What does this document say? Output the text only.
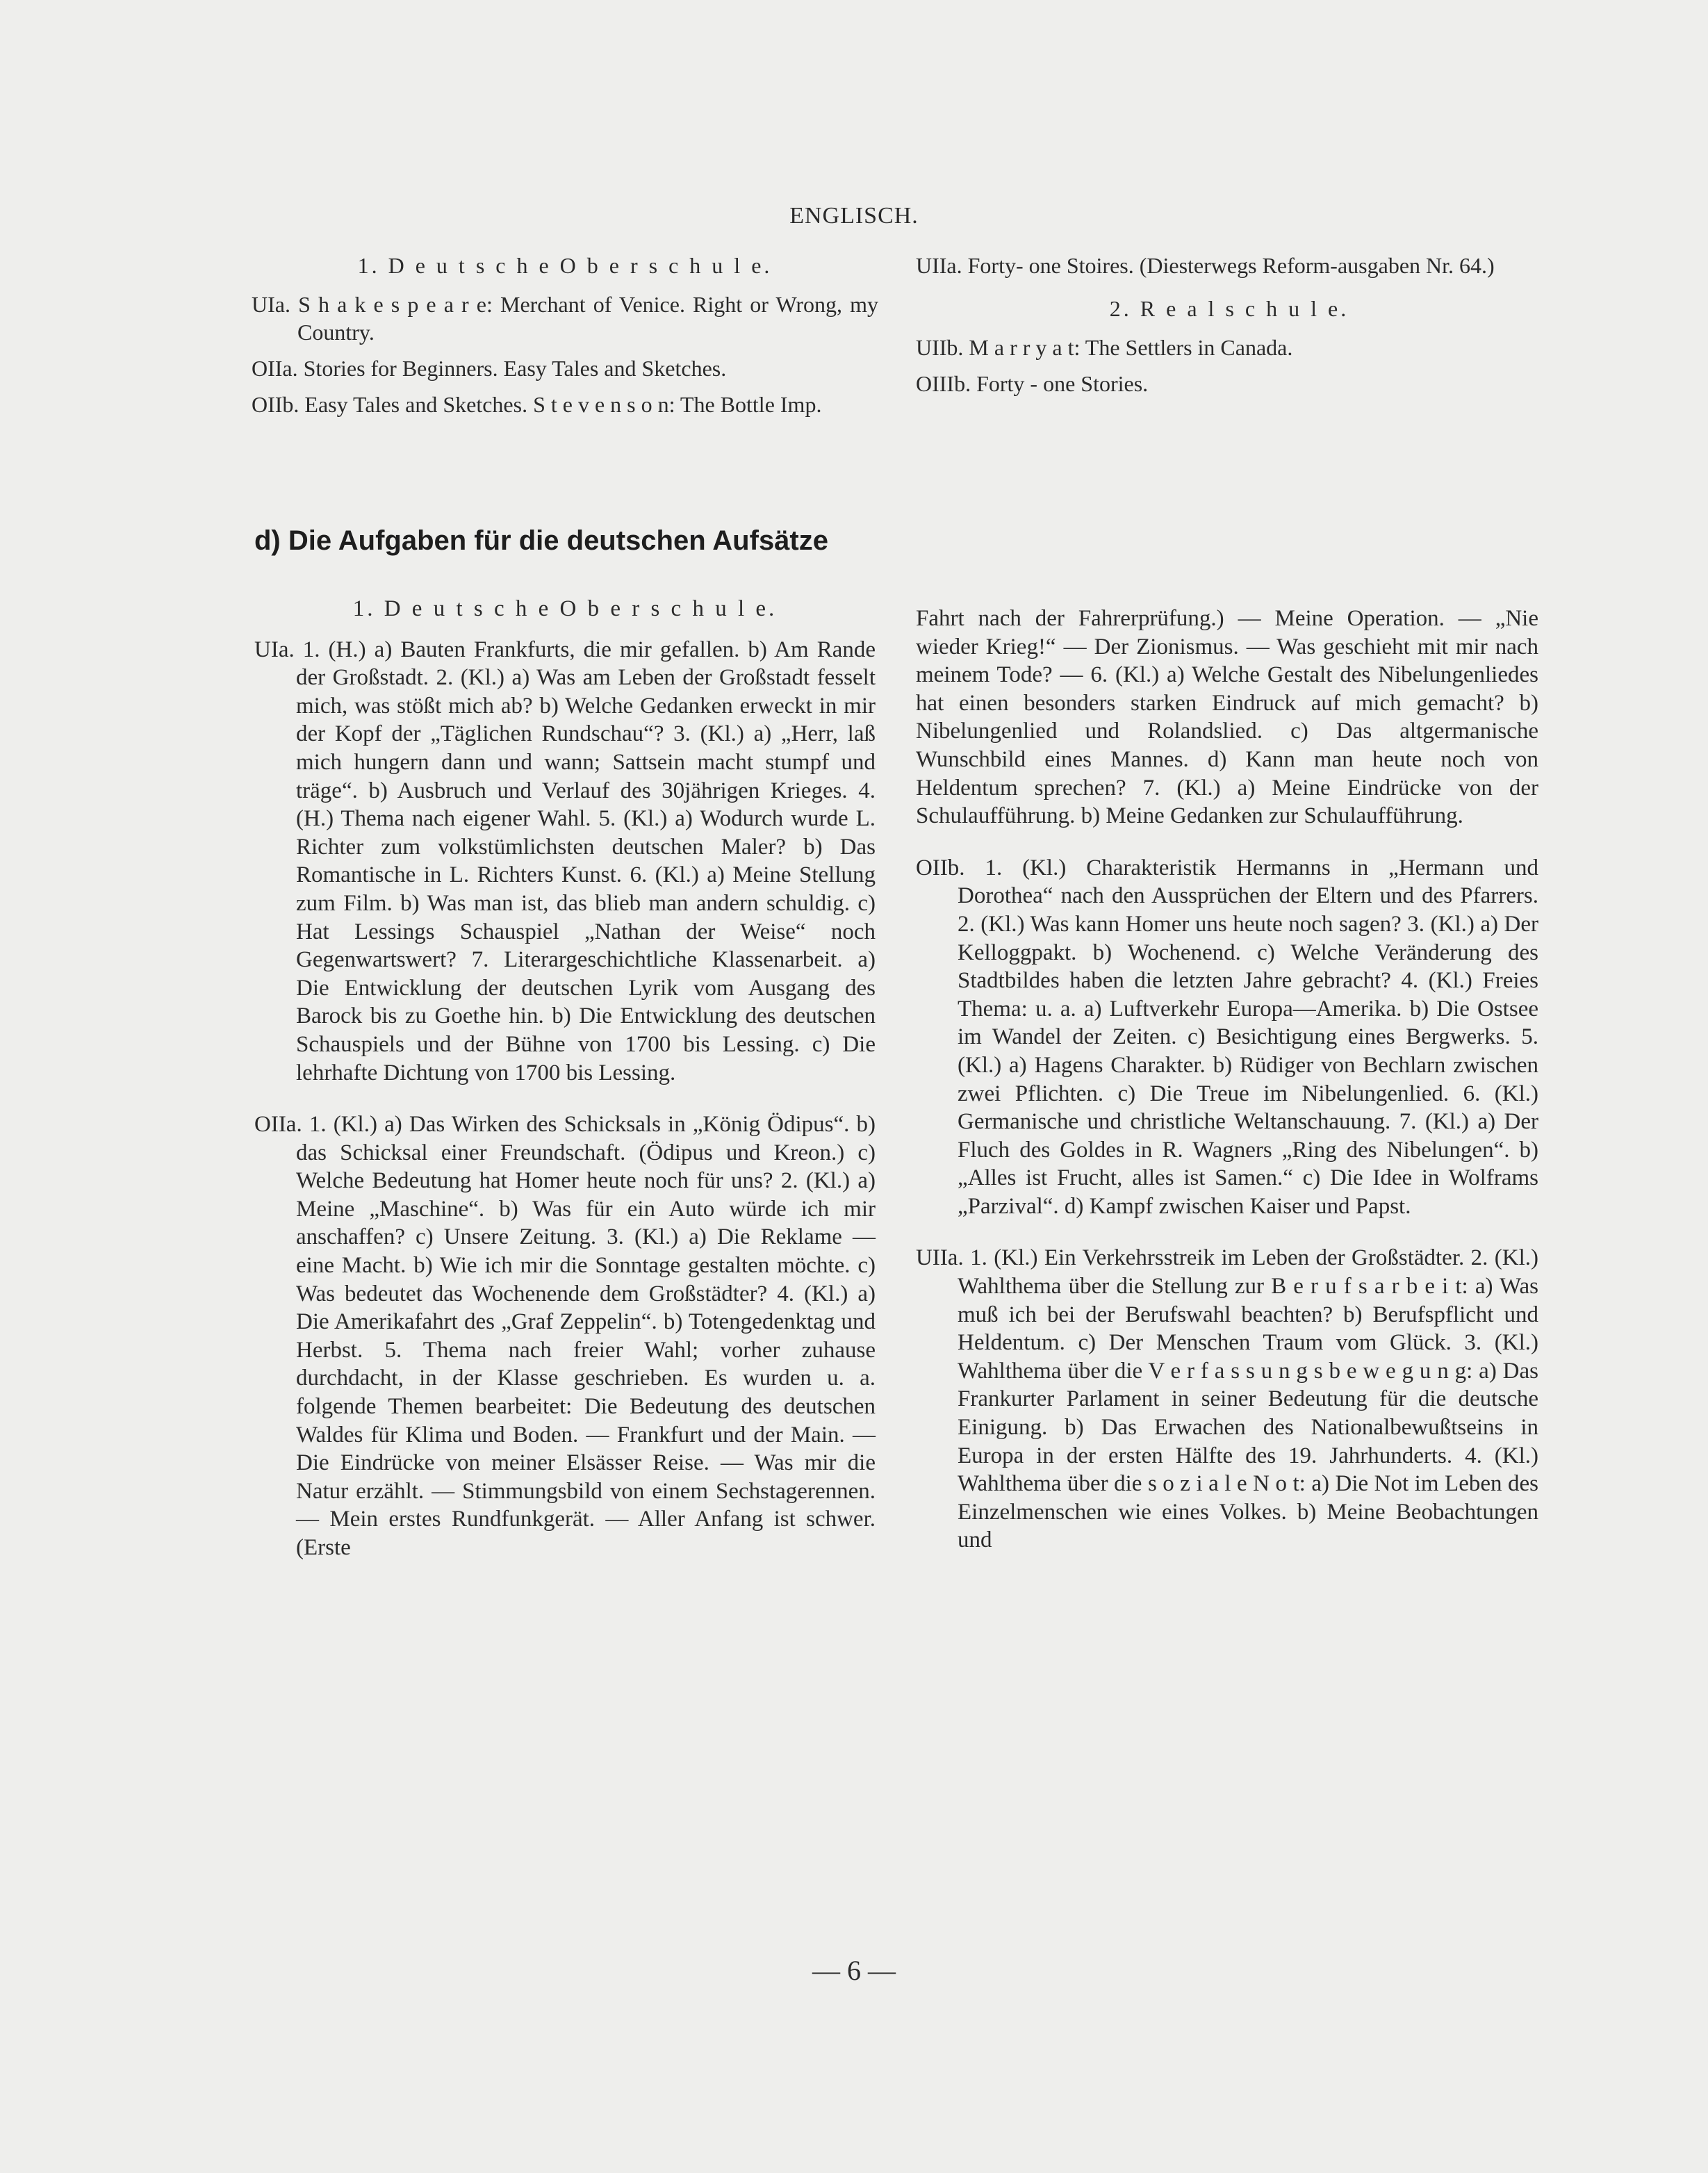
ENGLISCH.
1. D e u t s c h e O b e r s c h u l e.
UIa. S h a k e s p e a r e: Merchant of Venice. Right or Wrong, my Country.
OIIa. Stories for Beginners. Easy Tales and Sketches.
OIIb. Easy Tales and Sketches. S t e v e n s o n: The Bottle Imp.
UIIa. Forty- one Stoires. (Diesterwegs Reform-ausgaben Nr. 64.)
2. R e a l s c h u l e.
UIIb. M a r r y a t: The Settlers in Canada.
OIIIb. Forty - one Stories.
d) Die Aufgaben für die deutschen Aufsätze
1. D e u t s c h e O b e r s c h u l e.
UIa. 1. (H.) a) Bauten Frankfurts, die mir gefallen. b) Am Rande der Großstadt. 2. (Kl.) a) Was am Leben der Großstadt fesselt mich, was stößt mich ab? b) Welche Gedanken erweckt in mir der Kopf der „Täglichen Rundschau“? 3. (Kl.) a) „Herr, laß mich hungern dann und wann; Sattsein macht stumpf und träge“. b) Ausbruch und Verlauf des 30jährigen Krieges. 4. (H.) Thema nach eigener Wahl. 5. (Kl.) a) Wodurch wurde L. Richter zum volkstümlichsten deutschen Maler? b) Das Romantische in L. Richters Kunst. 6. (Kl.) a) Meine Stellung zum Film. b) Was man ist, das blieb man andern schuldig. c) Hat Lessings Schauspiel „Nathan der Weise“ noch Gegenwartswert? 7. Literargeschichtliche Klassenarbeit. a) Die Entwicklung der deutschen Lyrik vom Ausgang des Barock bis zu Goethe hin. b) Die Entwicklung des deutschen Schauspiels und der Bühne von 1700 bis Lessing. c) Die lehrhafte Dichtung von 1700 bis Lessing.
OIIa. 1. (Kl.) a) Das Wirken des Schicksals in „König Ödipus“. b) das Schicksal einer Freundschaft. (Ödipus und Kreon.) c) Welche Bedeutung hat Homer heute noch für uns? 2. (Kl.) a) Meine „Maschine“. b) Was für ein Auto würde ich mir anschaffen? c) Unsere Zeitung. 3. (Kl.) a) Die Reklame — eine Macht. b) Wie ich mir die Sonntage gestalten möchte. c) Was bedeutet das Wochenende dem Großstädter? 4. (Kl.) a) Die Amerikafahrt des „Graf Zeppelin“. b) Totengedenktag und Herbst. 5. Thema nach freier Wahl; vorher zuhause durchdacht, in der Klasse geschrieben. Es wurden u. a. folgende Themen bearbeitet: Die Bedeutung des deutschen Waldes für Klima und Boden. — Frankfurt und der Main. — Die Eindrücke von meiner Elsässer Reise. — Was mir die Natur erzählt. — Stimmungsbild von einem Sechstagerennen. — Mein erstes Rundfunkgerät. — Aller Anfang ist schwer. (Erste
Fahrt nach der Fahrerprüfung.) — Meine Operation. — „Nie wieder Krieg!“ — Der Zionismus. — Was geschieht mit mir nach meinem Tode? — 6. (Kl.) a) Welche Gestalt des Nibelungenliedes hat einen besonders starken Eindruck auf mich gemacht? b) Nibelungenlied und Rolandslied. c) Das altgermanische Wunschbild eines Mannes. d) Kann man heute noch von Heldentum sprechen? 7. (Kl.) a) Meine Eindrücke von der Schulaufführung. b) Meine Gedanken zur Schulaufführung.
OIIb. 1. (Kl.) Charakteristik Hermanns in „Hermann und Dorothea“ nach den Aussprüchen der Eltern und des Pfarrers. 2. (Kl.) Was kann Homer uns heute noch sagen? 3. (Kl.) a) Der Kelloggpakt. b) Wochenend. c) Welche Veränderung des Stadtbildes haben die letzten Jahre gebracht? 4. (Kl.) Freies Thema: u. a. a) Luftverkehr Europa—Amerika. b) Die Ostsee im Wandel der Zeiten. c) Besichtigung eines Bergwerks. 5. (Kl.) a) Hagens Charakter. b) Rüdiger von Bechlarn zwischen zwei Pflichten. c) Die Treue im Nibelungenlied. 6. (Kl.) Germanische und christliche Weltanschauung. 7. (Kl.) a) Der Fluch des Goldes in R. Wagners „Ring des Nibelungen“. b) „Alles ist Frucht, alles ist Samen.“ c) Die Idee in Wolframs „Parzival“. d) Kampf zwischen Kaiser und Papst.
UIIa. 1. (Kl.) Ein Verkehrsstreik im Leben der Großstädter. 2. (Kl.) Wahlthema über die Stellung zur B e r u f s a r b e i t: a) Was muß ich bei der Berufswahl beachten? b) Berufspflicht und Heldentum. c) Der Menschen Traum vom Glück. 3. (Kl.) Wahlthema über die V e r f a s s u n g s b e w e g u n g: a) Das Frankurter Parlament in seiner Bedeutung für die deutsche Einigung. b) Das Erwachen des Nationalbewußtseins in Europa in der ersten Hälfte des 19. Jahrhunderts. 4. (Kl.) Wahlthema über die s o z i a l e N o t: a) Die Not im Leben des Einzelmenschen wie eines Volkes. b) Meine Beobachtungen und
— 6 —
